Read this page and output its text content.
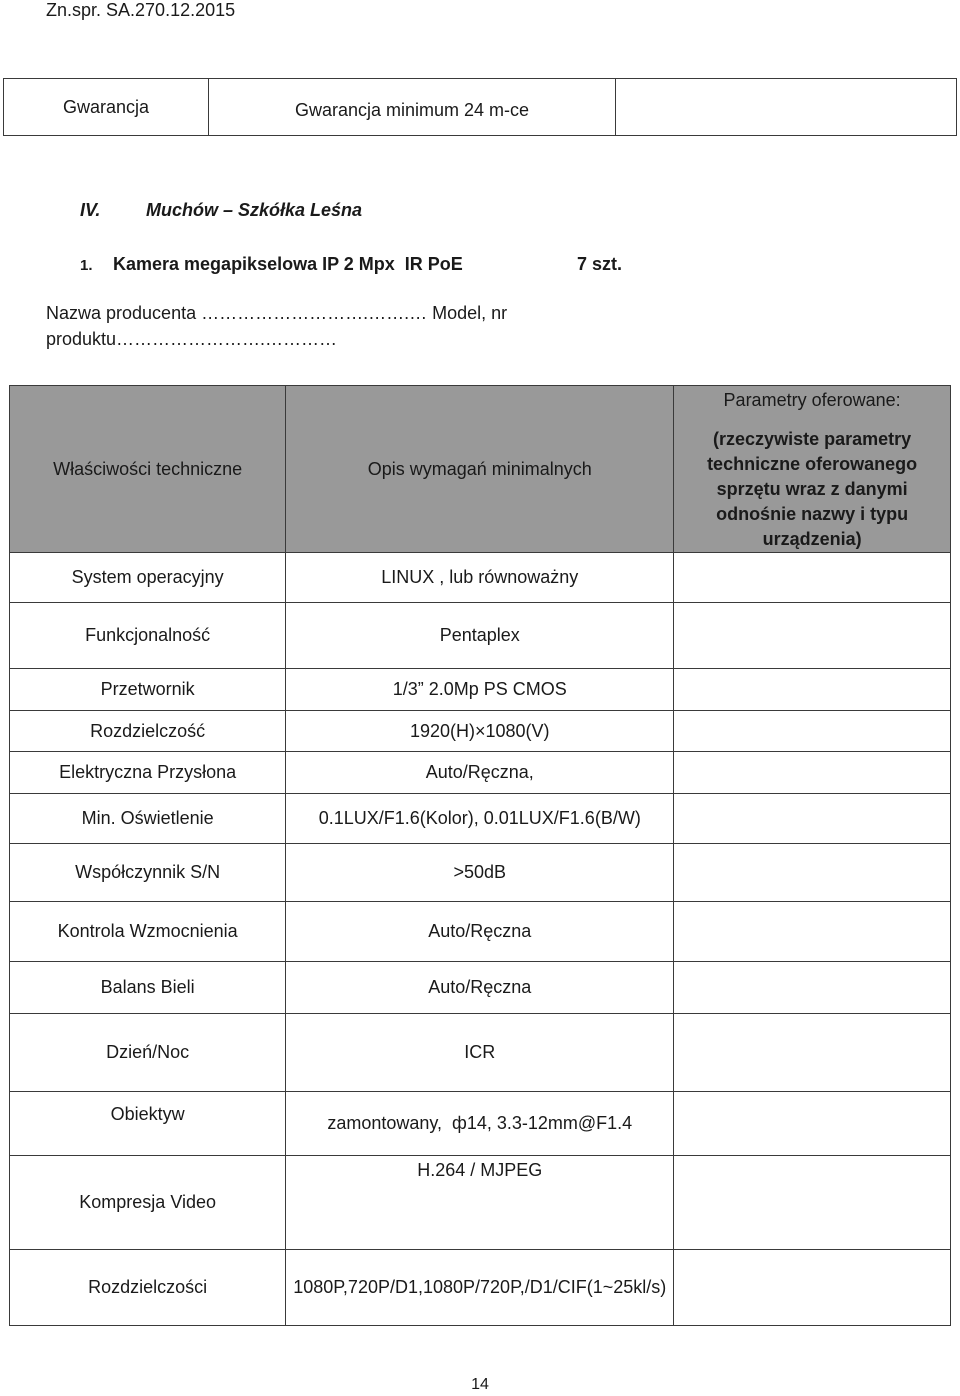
Zn.spr. SA.270.12.2015
Gwarancja	Gwarancja minimum 24 m-ce	
IV.	Muchów – Szkółka Leśna
1. Kamera megapikselowa IP 2 Mpx  IR PoE	7 szt.
Nazwa producenta ……………………….…….… Model, nr
produktu…………………….…………
Właściwości techniczne	Opis wymagań minimalnych	Parametry oferowane:
(rzeczywiste parametry techniczne oferowanego sprzętu wraz z danymi odnośnie nazwy i typu urządzenia)

System operacyjny	LINUX , lub równoważny	
Funkcjonalność	Pentaplex	
Przetwornik	1/3” 2.0Mp PS CMOS	
Rozdzielczość	1920(H)×1080(V)	
Elektryczna Przysłona	Auto/Ręczna,	
Min. Oświetlenie	0.1LUX/F1.6(Kolor), 0.01LUX/F1.6(B/W)	
Współczynnik S/N	>50dB	
Kontrola Wzmocnienia	Auto/Ręczna	
Balans Bieli	Auto/Ręczna	
Dzień/Noc	ICR	
Obiektyw	zamontowany,  ф14, 3.3-12mm@F1.4	
Kompresja Video	H.264 / MJPEG	
Rozdzielczości	1080P,720P/D1,1080P/720P,/D1/CIF(1~25kl/s)	
14
